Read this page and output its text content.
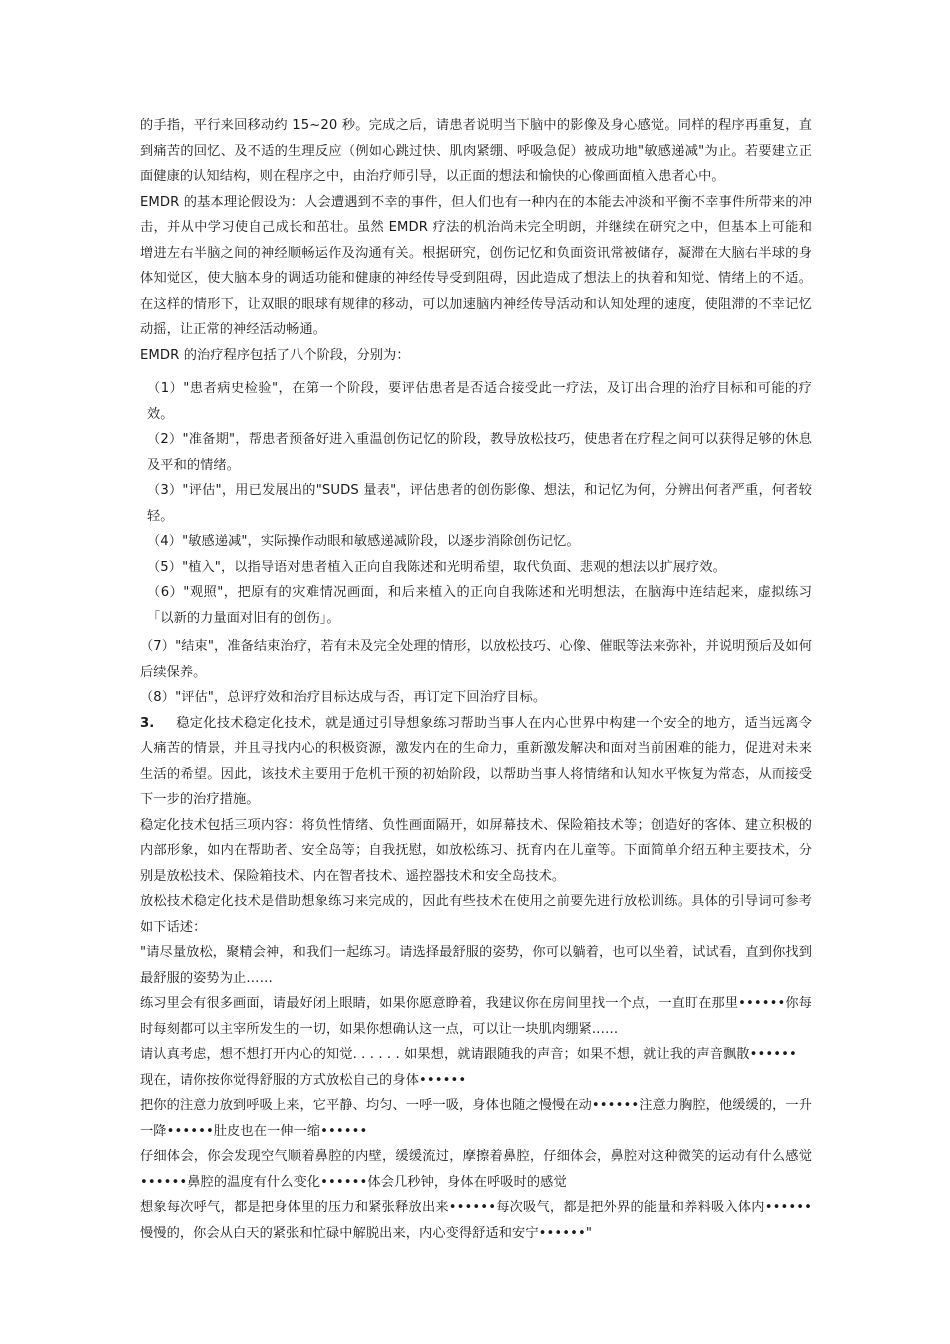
的手指，平行来回移动约 15~20 秒。完成之后，请患者说明当下脑中的影像及身心感觉。同样的程序再重复，直到痛苦的回忆、及不适的生理反应（例如心跳过快、肌肉紧绷、呼吸急促）被成功地"敏感递减"为止。若要建立正面健康的认知结构，则在程序之中，由治疗师引导，以正面的想法和愉快的心像画面植入患者心中。

EMDR 的基本理论假设为：人会遭遇到不幸的事件，但人们也有一种内在的本能去冲淡和平衡不幸事件所带来的冲击，并从中学习使自己成长和茁壮。虽然 EMDR 疗法的机治尚未完全明朗，并继续在研究之中，但基本上可能和增进左右半脑之间的神经顺畅运作及沟通有关。根据研究，创伤记忆和负面资讯常被储存，凝滞在大脑右半球的身体知觉区，使大脑本身的调适功能和健康的神经传导受到阻碍，因此造成了想法上的执着和知觉、情绪上的不适。在这样的情形下，让双眼的眼球有规律的移动，可以加速脑内神经传导活动和认知处理的速度，使阻滞的不幸记忆动摇，让正常的神经活动畅通。

EMDR 的治疗程序包括了八个阶段，分别为：

（1）"患者病史检验"，在第一个阶段，要评估患者是否适合接受此一疗法，及订出合理的治疗目标和可能的疗效。

（2）"准备期"，帮患者预备好进入重温创伤记忆的阶段，教导放松技巧，使患者在疗程之间可以获得足够的休息及平和的情绪。

（3）"评估"，用已发展出的"SUDS 量表"，评估患者的创伤影像、想法，和记忆为何，分辨出何者严重，何者较轻。

（4）"敏感递减"，实际操作动眼和敏感递减阶段，以逐步消除创伤记忆。

（5）"植入"，以指导语对患者植入正向自我陈述和光明希望，取代负面、悲观的想法以扩展疗效。

（6）"观照"，把原有的灾难情况画面，和后来植入的正向自我陈述和光明想法，在脑海中连结起来，虚拟练习「以新的力量面对旧有的创伤」。

（7）"结束"，准备结束治疗，若有未及完全处理的情形，以放松技巧、心像、催眠等法来弥补，并说明预后及如何后续保养。

（8）"评估"，总评疗效和治疗目标达成与否，再订定下回治疗目标。

3. 稳定化技术稳定化技术，就是通过引导想象练习帮助当事人在内心世界中构建一个安全的地方，适当远离令人痛苦的情景，并且寻找内心的积极资源，激发内在的生命力，重新激发解决和面对当前困难的能力，促进对未来生活的希望。因此，该技术主要用于危机干预的初始阶段，以帮助当事人将情绪和认知水平恢复为常态，从而接受下一步的治疗措施。

稳定化技术包括三项内容：将负性情绪、负性画面隔开，如屏幕技术、保险箱技术等；创造好的客体、建立积极的内部形象，如内在帮助者、安全岛等；自我抚慰，如放松练习、抚育内在儿童等。下面简单介绍五种主要技术，分别是放松技术、保险箱技术、内在智者技术、遥控器技术和安全岛技术。

放松技术稳定化技术是借助想象练习来完成的，因此有些技术在使用之前要先进行放松训练。具体的引导词可参考如下话述：

"请尽量放松，聚精会神，和我们一起练习。请选择最舒服的姿势，你可以躺着，也可以坐着，试试看，直到你找到最舒服的姿势为止……

练习里会有很多画面，请最好闭上眼睛，如果你愿意睁着，我建议你在房间里找一个点，一直盯在那里••••••你每时每刻都可以主宰所发生的一切，如果你想确认这一点，可以让一块肌肉绷紧……

请认真考虑，想不想打开内心的知觉. . . . . . 如果想，就请跟随我的声音；如果不想，就让我的声音飘散••••••

现在，请你按你觉得舒服的方式放松自己的身体••••••

把你的注意力放到呼吸上来，它平静、均匀、一呼一吸，身体也随之慢慢在动••••••注意力胸腔，他缓缓的，一升一降••••••肚皮也在一伸一缩••••••

仔细体会，你会发现空气顺着鼻腔的内壁，缓缓流过，摩擦着鼻腔，仔细体会，鼻腔对这种微笑的运动有什么感觉••••••鼻腔的温度有什么变化••••••体会几秒钟，身体在呼吸时的感觉

想象每次呼气，都是把身体里的压力和紧张释放出来••••••每次吸气，都是把外界的能量和养料吸入体内••••••慢慢的，你会从白天的紧张和忙碌中解脱出来，内心变得舒适和安宁••••••"
